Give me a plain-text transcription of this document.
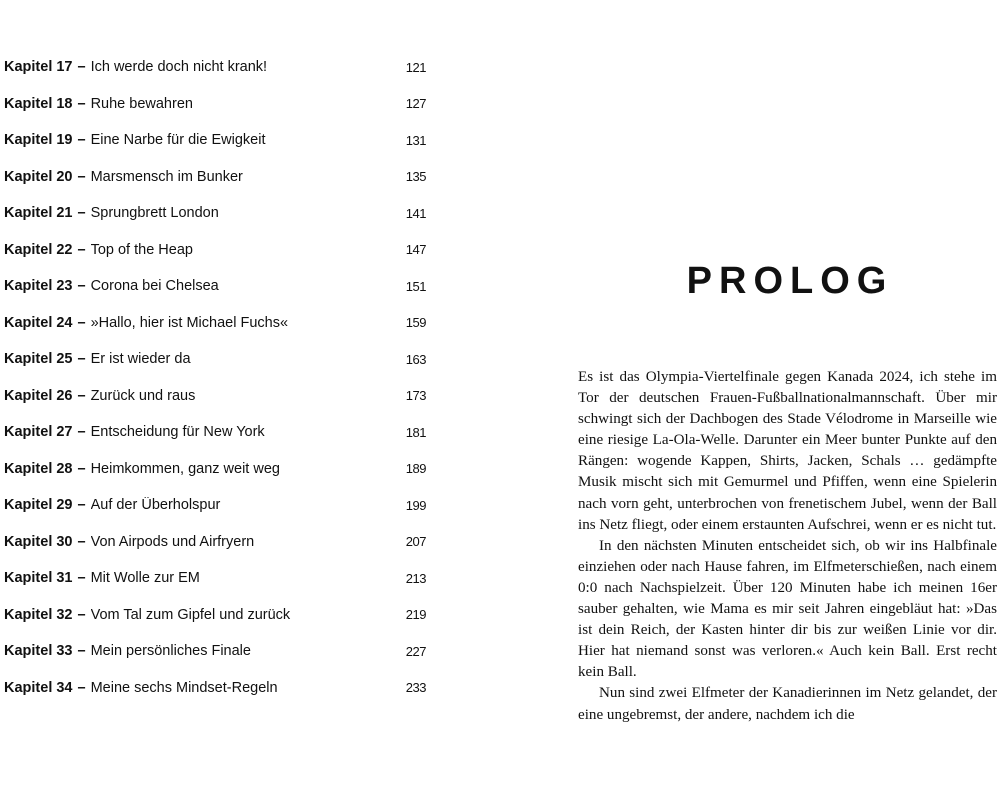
Kapitel 17 – Ich werde doch nicht krank!	121
Kapitel 18 – Ruhe bewahren	127
Kapitel 19 – Eine Narbe für die Ewigkeit	131
Kapitel 20 – Marsmensch im Bunker	135
Kapitel 21 – Sprungbrett London	141
Kapitel 22 – Top of the Heap	147
Kapitel 23 – Corona bei Chelsea	151
Kapitel 24 – »Hallo, hier ist Michael Fuchs«	159
Kapitel 25 – Er ist wieder da	163
Kapitel 26 – Zurück und raus	173
Kapitel 27 – Entscheidung für New York	181
Kapitel 28 – Heimkommen, ganz weit weg	189
Kapitel 29 – Auf der Überholspur	199
Kapitel 30 – Von Airpods und Airfryern	207
Kapitel 31 – Mit Wolle zur EM	213
Kapitel 32 – Vom Tal zum Gipfel und zurück	219
Kapitel 33 – Mein persönliches Finale	227
Kapitel 34 – Meine sechs Mindset-Regeln	233
PROLOG

Es ist das Olympia-Viertelfinale gegen Kanada 2024, ich stehe im Tor der deutschen Frauen-Fußballnationalmannschaft. Über mir schwingt sich der Dachbogen des Stade Vélodrome in Marseille wie eine riesige La-Ola-Welle. Darunter ein Meer bunter Punkte auf den Rängen: wogende Kappen, Shirts, Jacken, Schals … gedämpfte Musik mischt sich mit Gemurmel und Pfiffen, wenn eine Spielerin nach vorn geht, unterbrochen von frenetischem Jubel, wenn der Ball ins Netz fliegt, oder einem erstaunten Aufschrei, wenn er es nicht tut.

In den nächsten Minuten entscheidet sich, ob wir ins Halbfinale einziehen oder nach Hause fahren, im Elfmeterschießen, nach einem 0:0 nach Nachspielzeit. Über 120 Minuten habe ich meinen 16er sauber gehalten, wie Mama es mir seit Jahren eingebläut hat: »Das ist dein Reich, der Kasten hinter dir bis zur weißen Linie vor dir. Hier hat niemand sonst was verloren.« Auch kein Ball. Erst recht kein Ball.

Nun sind zwei Elfmeter der Kanadierinnen im Netz gelandet, der eine ungebremst, der andere, nachdem ich die
